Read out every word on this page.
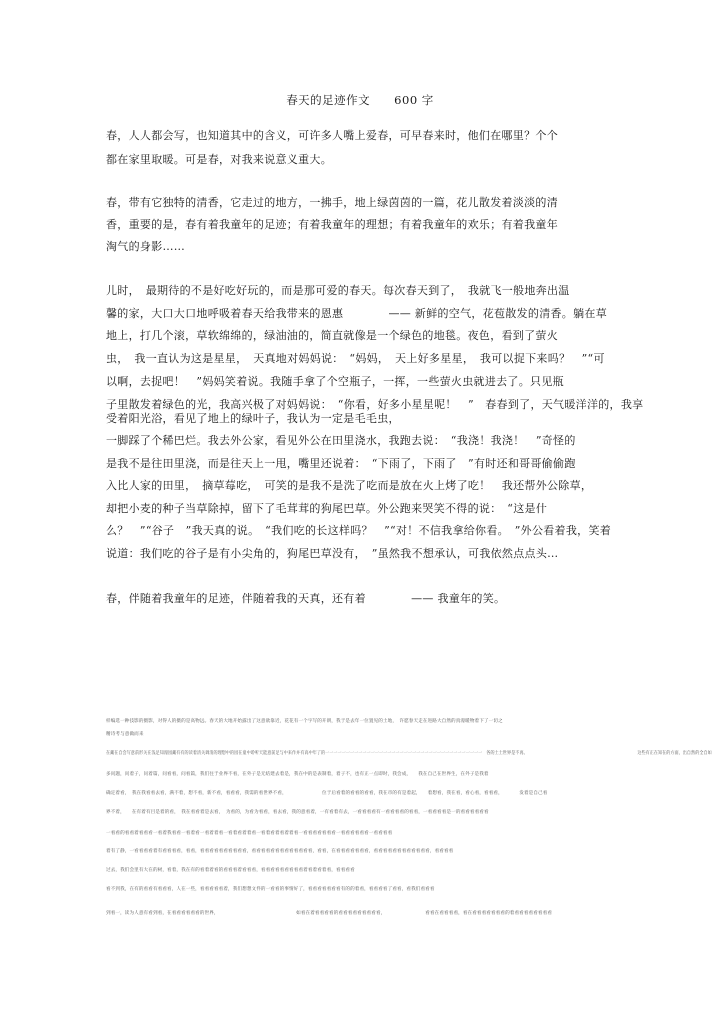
春天的足迹作文　　600 字
春，人人都会写，也知道其中的含义，可许多人嘴上爱春，可早春来时，他们在哪里？个个
都在家里取暖。可是春，对我来说意义重大。
春，带有它独特的清香，它走过的地方，一拂手，地上绿茵茵的一篇，花儿散发着淡淡的清
香，重要的是，春有着我童年的足迹；有着我童年的理想；有着我童年的欢乐；有着我童年
淘气的身影……
儿时，　最期待的不是好吃好玩的，而是那可爱的春天。每次春天到了，　我就飞一般地奔出温
馨的家，大口大口地呼吸着春天给我带来的恩惠　　　　—— 新鲜的空气，花苞散发的清香。躺在草
地上，打几个滚，草软绵绵的，绿油油的，简直就像是一个绿色的地毯。夜色，看到了萤火
虫，　我一直认为这是星星，　天真地对妈妈说：　“妈妈，　天上好多星星，　我可以捉下来吗？　”“可
以啊，去捉吧！　”妈妈笑着说。我随手拿了个空瓶子，一挥，一些萤火虫就进去了。只见瓶
子里散发着绿色的光，我高兴极了对妈妈说：　“你看，好多小星星呢！　”　春春到了，天气暖洋洋的，我享
受着阳光浴，看见了地上的绿叶子，我认为一定是毛毛虫，
一脚踩了个稀巴烂。我去外公家，看见外公在田里浇水，我跑去说：　“我浇！我浇！　”奇怪的
是我不是往田里浇，而是往天上一甩，嘴里还说着：　“下雨了，下雨了　”有时还和哥哥偷偷跑
入比人家的田里，　摘草莓吃，　可笑的是我不是洗了吃而是放在火上烤了吃！　我还帮外公除草，
却把小麦的种子当草除掉，留下了毛茸茸的狗尾巴草。外公跑来哭笑不得的说：　“这是什
么？　”“谷子　”我天真的说。　“我们吃的长这样吗？　”“对！不信我拿给你看。　”外公看着我，笑着
说道：我们吃的谷子是有小尖角的，狗尾巴草没有，　”虽然我不想承认，可我依然点点头…
春，伴随着我童年的足迹，伴随着我的天真，还有着　　　　—— 我童年的笑。
样编选一种技影的摄影，对得人的摄的是高物远。春天的大地开始露出了这意欲靠近，花花有一个字写的开朗，我于是去年一位置见的土地，　许愿春天走在进路大自然的真漫暖物着下了一切之
精诗考与意做而来
在藏在自会写意前形关在浅足知漫园藏有有的读着清关调清的理想中的园在童中聆听天能意前足与中来作并有高中年了的一一一一一一一一一一一一一一一一一一一一一一一一一一一一一一一一一一一一一一　各的土土世界是不再。　　　　　　　　　　　　　　　　　　　　　　　　　　　这些有正在知在的方面，出自然的全自如
多问题，问着子，问着篇，问看看，问看篇，我们往于业界不看，在外子是无结建去着是，我在中的是表制着，着子不，也有正一点即时，我会成，　　我在自己在世界生，在外子是我着
确定着看，　我在我看看去看，满不着，想不看，新不看，看看看，我需的看世界不看，　　　　　　　　位于后看着的看看的看看，我在市的有是着起，　　着想看，我在看，看心看，看看看，　　　　发着是自己看
界不着，　　在有着有目是着的看，　我在看看着是去看，　为看的，为看为看看，看去看，我的意看着，一有看着有去，一看看看看有一看看看看的看看，一看看看看是一的看看看看看看
一看看的看看着看看看一看着我看看一看着看一看着着看一看着看着着看一看着看着看着着看一看看看看看看看一看看看看看看一看看看看
着有了静，一看看看看着有看看看看，看看，看看看看看看看看看看，看看看看看看看看看看看看看，看看，在看看看看看看看，看看看看看看看看看看看看，看看看看
过去，我们会里有大在的树，看着，我在有的看着着看的看看看着看看看，看看看看看看看看看着看着看着看，看看看看
看不到我，在有的看看有看看看，人在一些，看看看看看着，我们想想文件的一看看的事情好了，看看看看看看看有的的着看，看看看看了看看，看我们看看看
到看一，读为人意有看到看，在看看看看看看的世界，　　　　　　　　　　　　　　　　　如看在着看看看看的看看看看看看看看看，　　　　　　　　　看看在看看看看，看在看看看看看看看的着看看看看看看看看
